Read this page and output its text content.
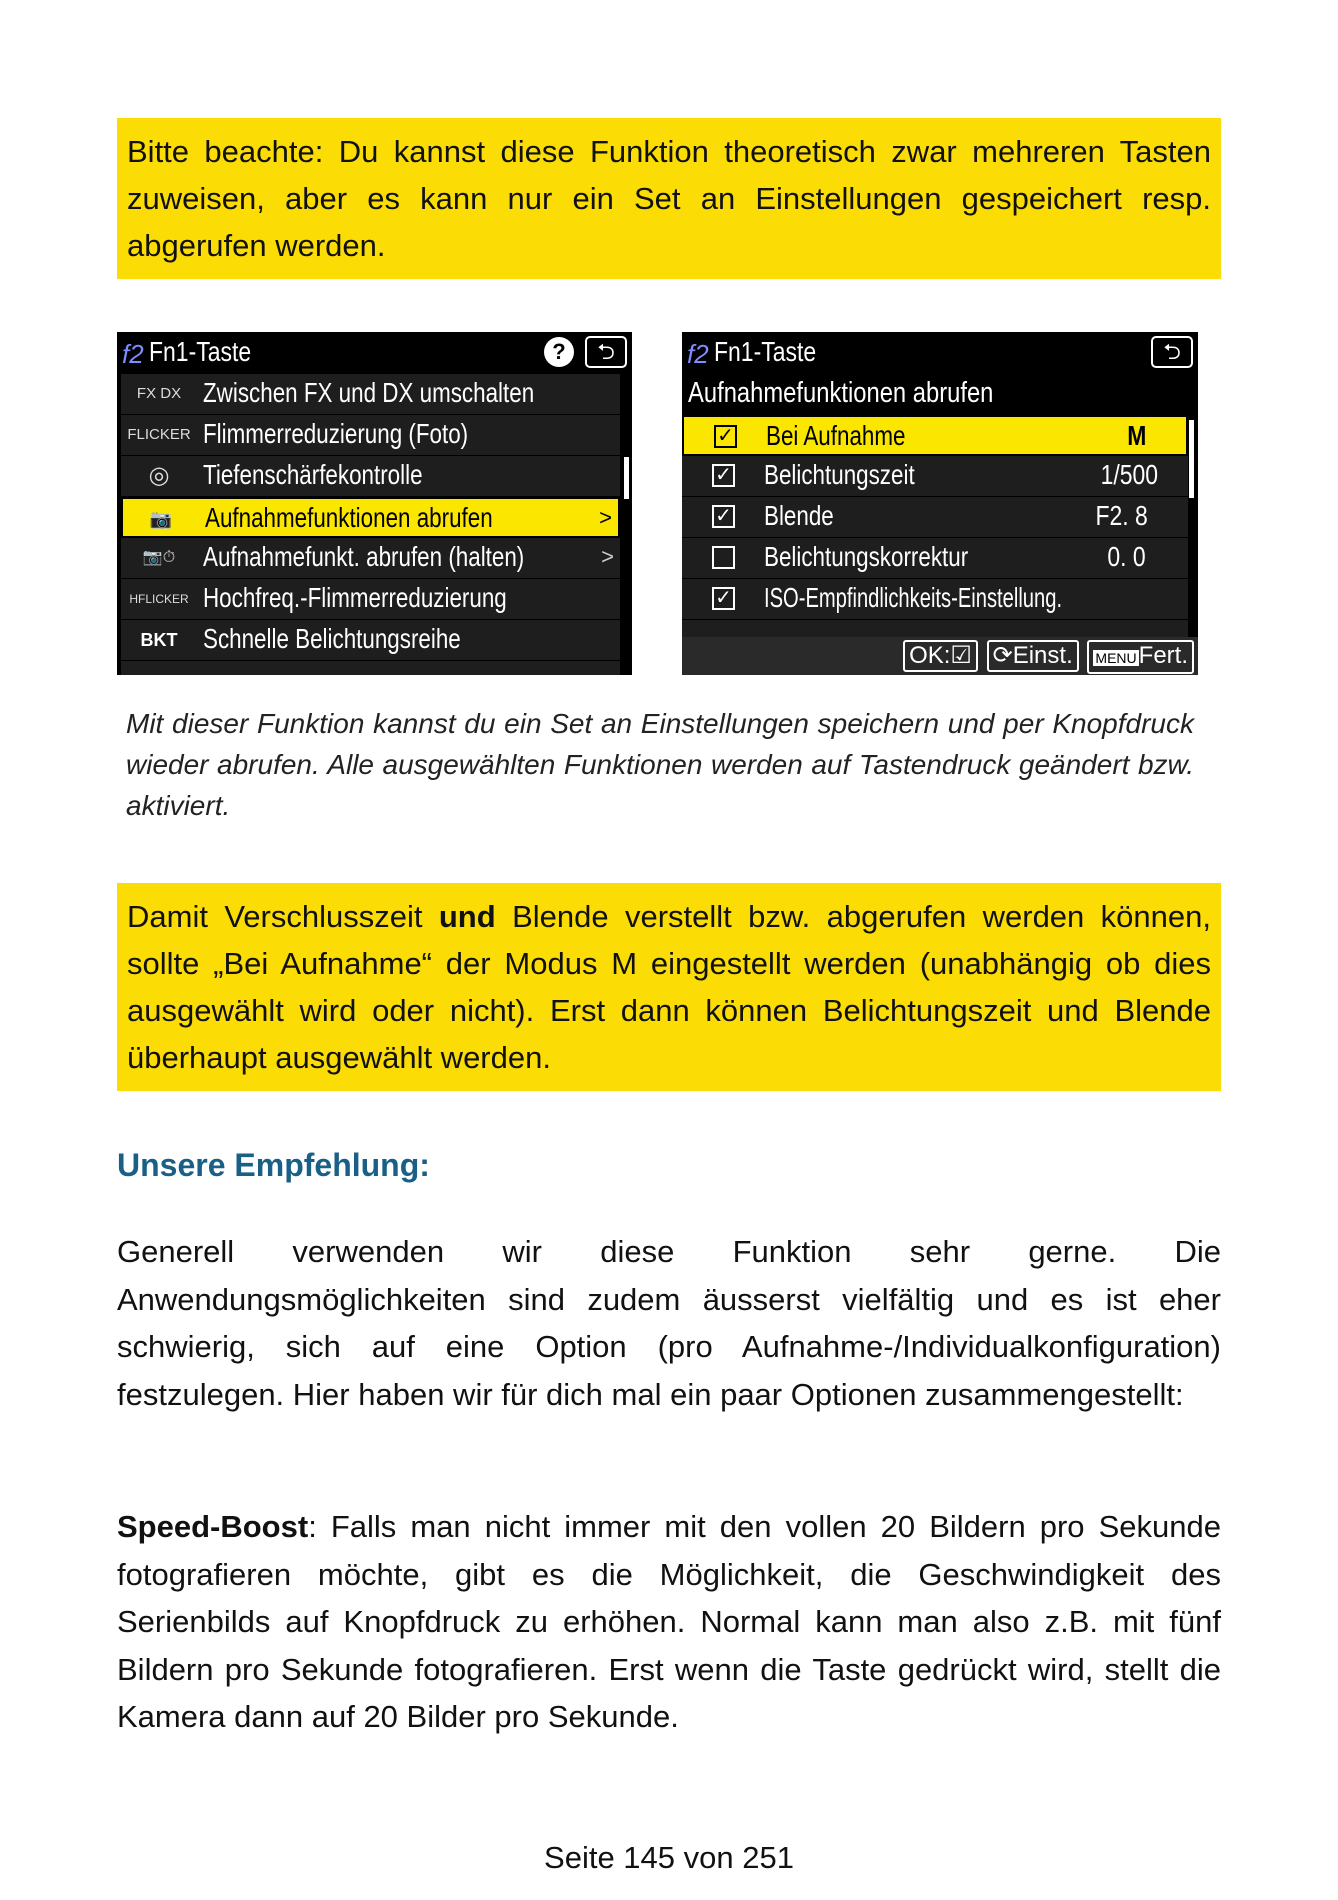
Bitte beachte: Du kannst diese Funktion theoretisch zwar mehreren Tasten zuweisen, aber es kann nur ein Set an Einstellungen gespeichert resp. abgerufen werden.
f2 Fn1-Taste	?	⮌
FX DX Zwischen FX und DX umschalten
FLICKER Flimmerreduzierung (Foto)
◎	Tiefenschärfekontrolle
📷	Aufnahmefunktionen abrufen	>
📷⏱ Aufnahmefunkt. abrufen (halten)	>
HFLICKER Hochfreq.-Flimmerreduzierung
BKT Schnelle Belichtungsreihe
f2 Fn1-Taste	⮌
Aufnahmefunktionen abrufen
✓ Bei Aufnahme	M
✓ Belichtungszeit	1/500
✓ Blende	F2. 8
Belichtungskorrektur	0. 0
✓ ISO-Empfindlichkeits-Einstellung.
OK:☑ ⟳Einst. MENUFert.
Mit dieser Funktion kannst du ein Set an Einstellungen speichern und per Knopfdruck wieder abrufen. Alle ausgewählten Funktionen werden auf Tastendruck geändert bzw. aktiviert.
Damit Verschlusszeit und Blende verstellt bzw. abgerufen werden können, sollte „Bei Aufnahme“ der Modus M eingestellt werden (unabhängig ob dies ausgewählt wird oder nicht). Erst dann können Belichtungszeit und Blende überhaupt ausgewählt werden.
Unsere Empfehlung:
Generell verwenden wir diese Funktion sehr gerne. Die Anwendungsmöglichkeiten sind zudem äusserst vielfältig und es ist eher schwierig, sich auf eine Option (pro Aufnahme-/Individualkonfiguration) festzulegen. Hier haben wir für dich mal ein paar Optionen zusammengestellt:
Speed-Boost: Falls man nicht immer mit den vollen 20 Bildern pro Sekunde fotografieren möchte, gibt es die Möglichkeit, die Geschwindigkeit des Serienbilds auf Knopfdruck zu erhöhen. Normal kann man also z.B. mit fünf Bildern pro Sekunde fotografieren. Erst wenn die Taste gedrückt wird, stellt die Kamera dann auf 20 Bilder pro Sekunde.
Seite 145 von 251
